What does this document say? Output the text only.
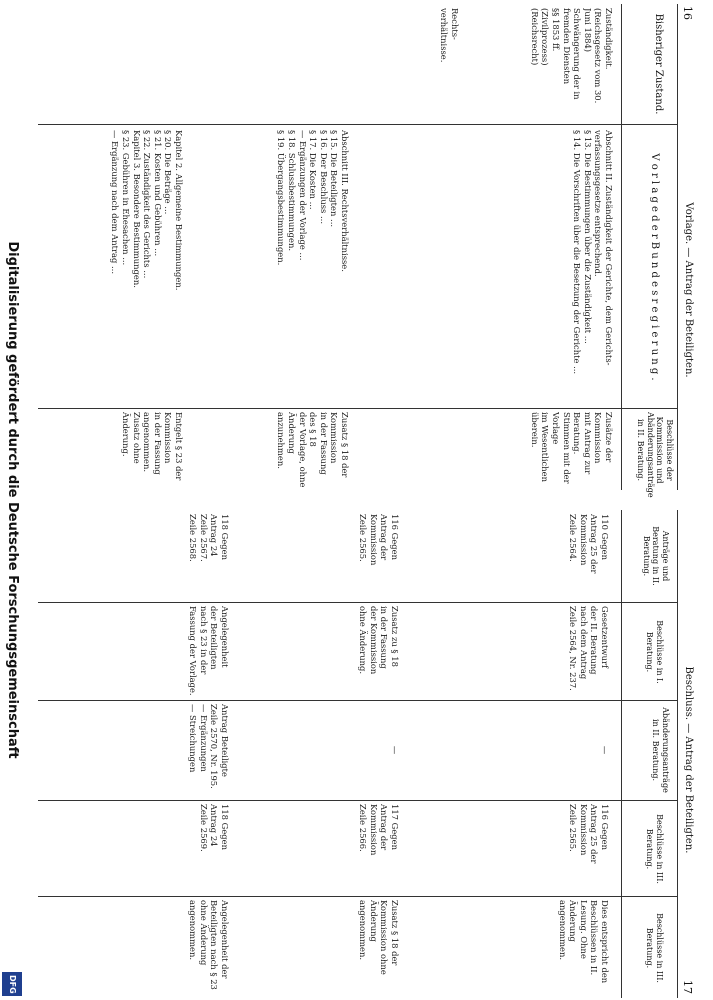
16
Vorlage. — Antrag der Beteiligten.
Bisheriger Zustand.
V o r l a g e d e r B u n d e s r e g i e r u n g .
Beschlüsse der Kommission und Abänderungsanträge in II. Beratung.
Zuständigkeit.
(Reichsgesetz vom 30. Juni 1884)
Schwängerung der in
fremden Diensten
§§ 1853 ff.
(Zivilprozess)
(Reichsrecht)
Abschnitt II. Zuständigkeit der Gerichte, dem Gerichts-
verfassungsgesetze entsprechend.
§ 13. Die Bestimmungen über die Zuständigkeit ...
§ 14. Die Vorschriften über die Besetzung der Gerichte ...
Zusätze der Kommission
mit Antrag zur Beratung.
Stimmen mit der Vorlage
im Wesentlichen überein.
Rechts-
verhältnisse.
Abschnitt III. Rechtsverhältnisse.
§ 15. Die Beteiligten ...
§ 16. Der Beschluss ...
§ 17. Die Kosten ...
— Ergänzungen der Vorlage ...
§ 18. Schlussbestimmungen.
§ 19. Übergangsbestimmungen.
Zusatz § 18 der Kommission
in der Fassung des § 18
der Vorlage, ohne Änderung
anzunehmen.
Kapitel 2. Allgemeine Bestimmungen.
§ 20. Die Beträge ...
§ 21. Kosten und Gebühren ...
§ 22. Zuständigkeit des Gerichts ...
Kapitel 3. Besondere Bestimmungen.
§ 23. Gebühren in Ehesachen ...
— Ergänzung nach dem Antrag ...
Entgelt § 23 der Kommission
in der Fassung angenommen.
Zusatz ohne Änderung.
17
Beschluss. — Antrag der Beteiligten.
Anträge und Beratung in II. Beratung.
Beschlüsse in I. Beratung.
Abänderungsanträge in II. Beratung.
Beschlüsse in III. Beratung.
Beschlüsse in III. Beratung.
110 Gegen
Antrag 25 der
Kommission
Zeile 2564.
Gesetzentwurf
der II. Beratung
nach dem Antrag
Zeile 2564, Nr. 237.
—
116 Gegen
Antrag 25 der
Kommission
Zeile 2565.
Dies entspricht den
Beschlüssen in II.
Lesung. Ohne
Änderung angenommen.
116 Gegen
Antrag der
Kommission
Zeile 2565.
Zusatz zu § 18
in der Fassung
der Kommission
ohne Änderung.
—
117 Gegen
Antrag der
Kommission
Zeile 2566.
Zusatz § 18 der
Kommission ohne
Änderung
angenommen.
118 Gegen
Antrag 24
Zeile 2567.
Zeile 2568.
Angelegenheit
der Beteiligten
nach § 23 in der
Fassung der Vorlage.
Antrag Beteiligte
Zeile 2570, Nr. 195.
— Ergänzungen
— Streichungen
118 Gegen
Antrag 24
Zeile 2569.
Angelegenheit der
Beteiligten nach § 23
ohne Änderung
angenommen.
Digitalisierung gefördert durch die Deutsche Forschungsgemeinschaft
DFG
